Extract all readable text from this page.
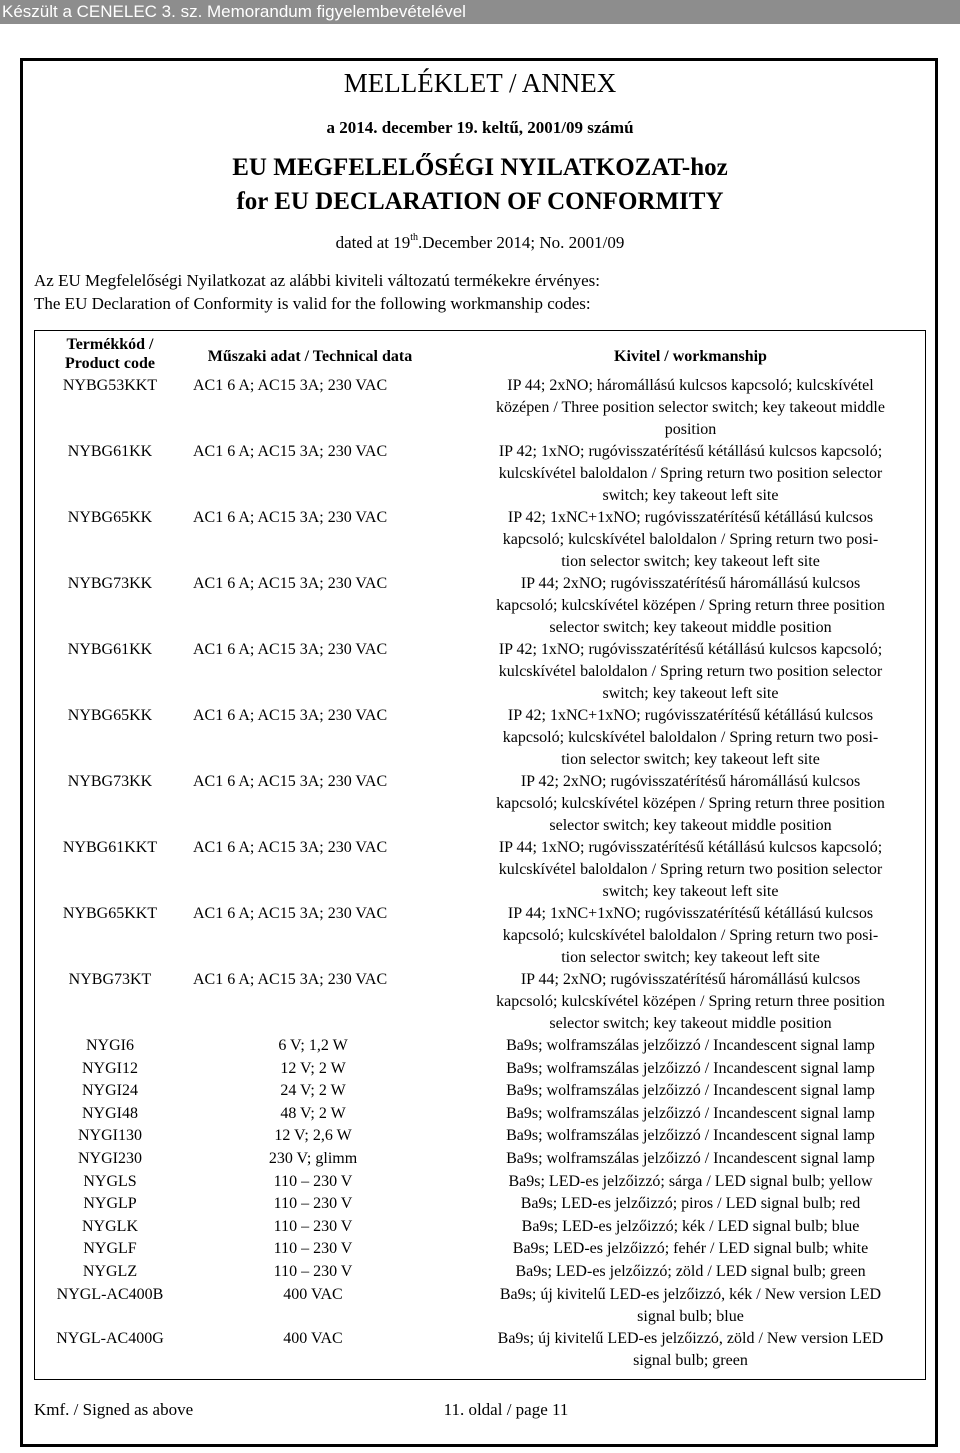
Készült a CENELEC 3. sz. Memorandum figyelembevételével
MELLÉKLET / ANNEX
a 2014. december 19. keltű, 2001/09 számú
EU MEGFELELŐSÉGI NYILATKOZAT-hoz
for EU DECLARATION OF CONFORMITY
dated at 19th.December 2014; No. 2001/09
Az EU Megfelelőségi Nyilatkozat az alábbi kiviteli változatú termékekre érvényes:
The EU Declaration of Conformity is valid for the following workmanship codes:
Termékkód /
Product code	Műszaki adat / Technical data	Kivitel / workmanship
NYBG53KKT	AC1 6 A; AC15 3A; 230 VAC	IP 44; 2xNO; háromállású kulcsos kapcsoló; kulcskívétel
középen / Three position selector switch; key takeout middle
position
NYBG61KK	AC1 6 A; AC15 3A; 230 VAC	IP 42; 1xNO; rugóvisszatérítésű kétállású kulcsos kapcsoló;
kulcskívétel baloldalon / Spring return two position selector
switch; key takeout left site
NYBG65KK	AC1 6 A; AC15 3A; 230 VAC	IP 42; 1xNC+1xNO; rugóvisszatérítésű kétállású kulcsos
kapcsoló; kulcskívétel baloldalon / Spring return two posi-
tion selector switch; key takeout left site
NYBG73KK	AC1 6 A; AC15 3A; 230 VAC	IP 44; 2xNO; rugóvisszatérítésű háromállású kulcsos
kapcsoló; kulcskívétel középen / Spring return three position
selector switch; key takeout middle position
NYBG61KK	AC1 6 A; AC15 3A; 230 VAC	IP 42; 1xNO; rugóvisszatérítésű kétállású kulcsos kapcsoló;
kulcskívétel baloldalon / Spring return two position selector
switch; key takeout left site
NYBG65KK	AC1 6 A; AC15 3A; 230 VAC	IP 42; 1xNC+1xNO; rugóvisszatérítésű kétállású kulcsos
kapcsoló; kulcskívétel baloldalon / Spring return two posi-
tion selector switch; key takeout left site
NYBG73KK	AC1 6 A; AC15 3A; 230 VAC	IP 42; 2xNO; rugóvisszatérítésű háromállású kulcsos
kapcsoló; kulcskívétel középen / Spring return three position
selector switch; key takeout middle position
NYBG61KKT	AC1 6 A; AC15 3A; 230 VAC	IP 44; 1xNO; rugóvisszatérítésű kétállású kulcsos kapcsoló;
kulcskívétel baloldalon / Spring return two position selector
switch; key takeout left site
NYBG65KKT	AC1 6 A; AC15 3A; 230 VAC	IP 44; 1xNC+1xNO; rugóvisszatérítésű kétállású kulcsos
kapcsoló; kulcskívétel baloldalon / Spring return two posi-
tion selector switch; key takeout left site
NYBG73KT	AC1 6 A; AC15 3A; 230 VAC	IP 44; 2xNO; rugóvisszatérítésű háromállású kulcsos
kapcsoló; kulcskívétel középen / Spring return three position
selector switch; key takeout middle position
NYGI6	6 V; 1,2 W	Ba9s; wolframszálas jelzőizzó / Incandescent signal lamp
NYGI12	12 V; 2 W	Ba9s; wolframszálas jelzőizzó / Incandescent signal lamp
NYGI24	24 V; 2 W	Ba9s; wolframszálas jelzőizzó / Incandescent signal lamp
NYGI48	48 V; 2 W	Ba9s; wolframszálas jelzőizzó / Incandescent signal lamp
NYGI130	12 V; 2,6 W	Ba9s; wolframszálas jelzőizzó / Incandescent signal lamp
NYGI230	230 V; glimm	Ba9s; wolframszálas jelzőizzó / Incandescent signal lamp
NYGLS	110 – 230 V	Ba9s; LED-es jelzőizzó; sárga / LED signal bulb; yellow
NYGLP	110 – 230 V	Ba9s; LED-es jelzőizzó; piros / LED signal bulb; red
NYGLK	110 – 230 V	Ba9s; LED-es jelzőizzó; kék / LED signal bulb; blue
NYGLF	110 – 230 V	Ba9s; LED-es jelzőizzó; fehér / LED signal bulb; white
NYGLZ	110 – 230 V	Ba9s; LED-es jelzőizzó; zöld / LED signal bulb; green
NYGL-AC400B	400 VAC	Ba9s; új kivitelű LED-es jelzőizzó, kék / New version LED
signal bulb; blue
NYGL-AC400G	400 VAC	Ba9s; új kivitelű LED-es jelzőizzó, zöld / New version LED
signal bulb; green
Kmf. / Signed as above	11. oldal / page 11
